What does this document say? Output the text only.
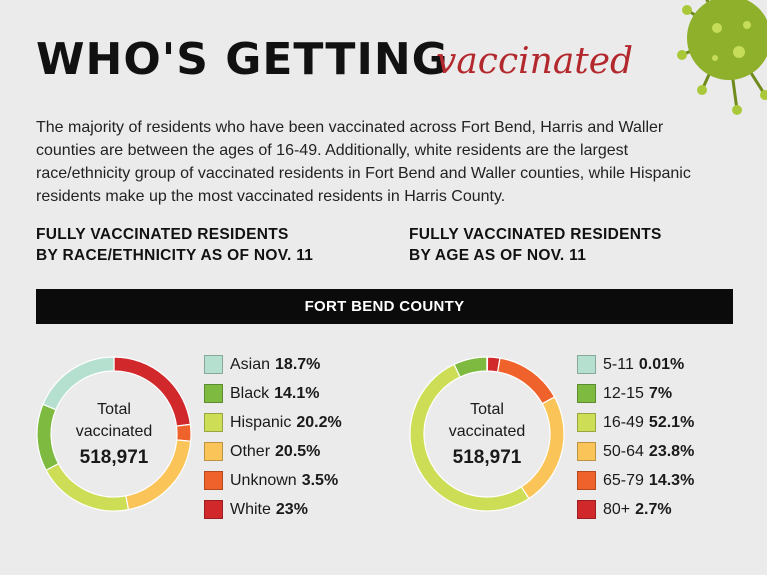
WHO'S GETTING
vaccinated
The majority of residents who have been vaccinated across Fort Bend, Harris and Waller counties are between the ages of 16-49. Additionally, white residents are the largest race/ethnicity group of vaccinated residents in Fort Bend and Waller counties, while Hispanic residents make up the most vaccinated residents in Harris County.
FULLY VACCINATED RESIDENTS
BY RACE/ETHNICITY AS OF NOV. 11
FULLY VACCINATED RESIDENTS
BY AGE AS OF NOV. 11
FORT BEND COUNTY
Total vaccinated
518,971
Asian 18.7%
Black 14.1%
Hispanic 20.2%
Other 20.5%
Unknown 3.5%
White 23%
Total vaccinated
518,971
5-11 0.01%
12-15 7%
16-49 52.1%
50-64 23.8%
65-79 14.3%
80+ 2.7%
